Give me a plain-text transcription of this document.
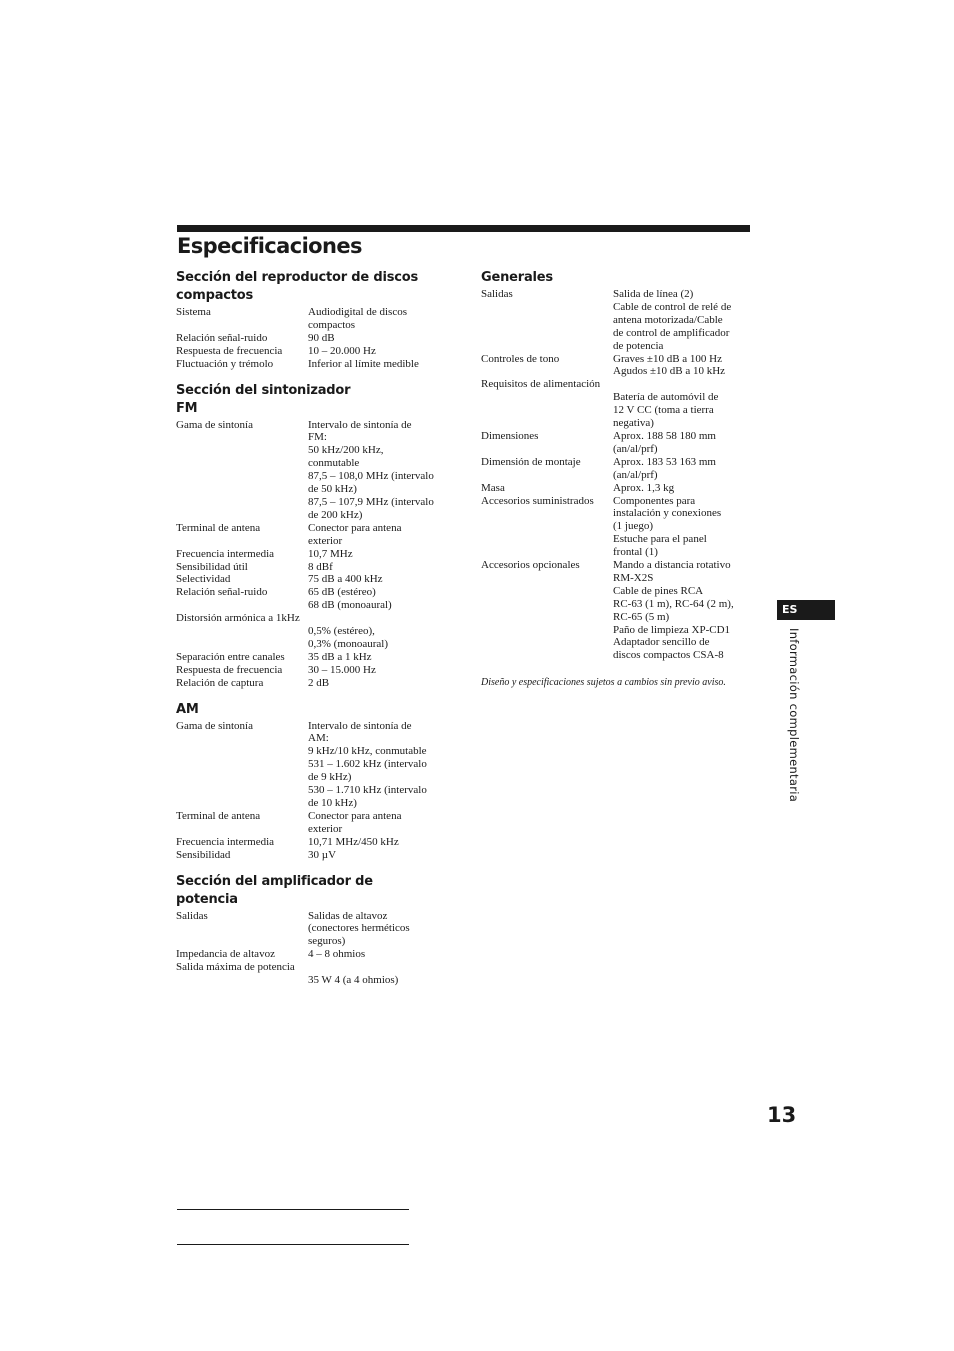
Especificaciones
Sección del reproductor de discos compactos
Sistema	Audiodigital de discos
compactos
Relación señal-ruido	90 dB
Respuesta de frecuencia	10 – 20.000 Hz
Fluctuación y trémolo	Inferior al límite medible
Sección del sintonizador
FM
Gama de sintonía	Intervalo de sintonía de
FM:
50 kHz/200 kHz,
conmutable
87,5 – 108,0 MHz (intervalo
de 50 kHz)
87,5 – 107,9 MHz (intervalo
de 200 kHz)
Terminal de antena	Conector para antena
exterior
Frecuencia intermedia	10,7 MHz
Sensibilidad útil	8 dBf
Selectividad	75 dB a 400 kHz
Relación señal-ruido	65 dB (estéreo)
68 dB (monoaural)
Distorsión armónica a 1kHz
0,5% (estéreo),
0,3% (monoaural)
Separación entre canales	35 dB a 1 kHz
Respuesta de frecuencia	30 – 15.000 Hz
Relación de captura	2 dB
AM
Gama de sintonía	Intervalo de sintonía de
AM:
9 kHz/10 kHz, conmutable
531 – 1.602 kHz (intervalo
de 9 kHz)
530 – 1.710 kHz (intervalo
de 10 kHz)
Terminal de antena	Conector para antena
exterior
Frecuencia intermedia	10,71 MHz/450 kHz
Sensibilidad	30 µV
Sección del amplificador de
potencia
Salidas	Salidas de altavoz
(conectores herméticos
seguros)
Impedancia de altavoz	4 – 8 ohmios
Salida máxima de potencia
35 W 4 (a 4 ohmios)
Generales
Salidas	Salida de línea (2)
Cable de control de relé de
antena motorizada/Cable
de control de amplificador
de potencia
Controles de tono	Graves ±10 dB a 100 Hz
Agudos ±10 dB a 10 kHz
Requisitos de alimentación
Batería de automóvil de
12 V CC (toma a tierra
negativa)
Dimensiones	Aprox. 188 58 180 mm
(an/al/prf)
Dimensión de montaje	Aprox. 183 53 163 mm
(an/al/prf)
Masa	Aprox. 1,3 kg
Accesorios suministrados	Componentes para
instalación y conexiones
(1 juego)
Estuche para el panel
frontal (1)
Accesorios opcionales	Mando a distancia rotativo
RM-X2S
Cable de pines RCA
RC-63 (1 m), RC-64 (2 m),
RC-65 (5 m)
Paño de limpieza XP-CD1
Adaptador sencillo de
discos compactos CSA-8
Diseño y especificaciones sujetos a cambios sin previo aviso.
ES
Información complementaria
13
